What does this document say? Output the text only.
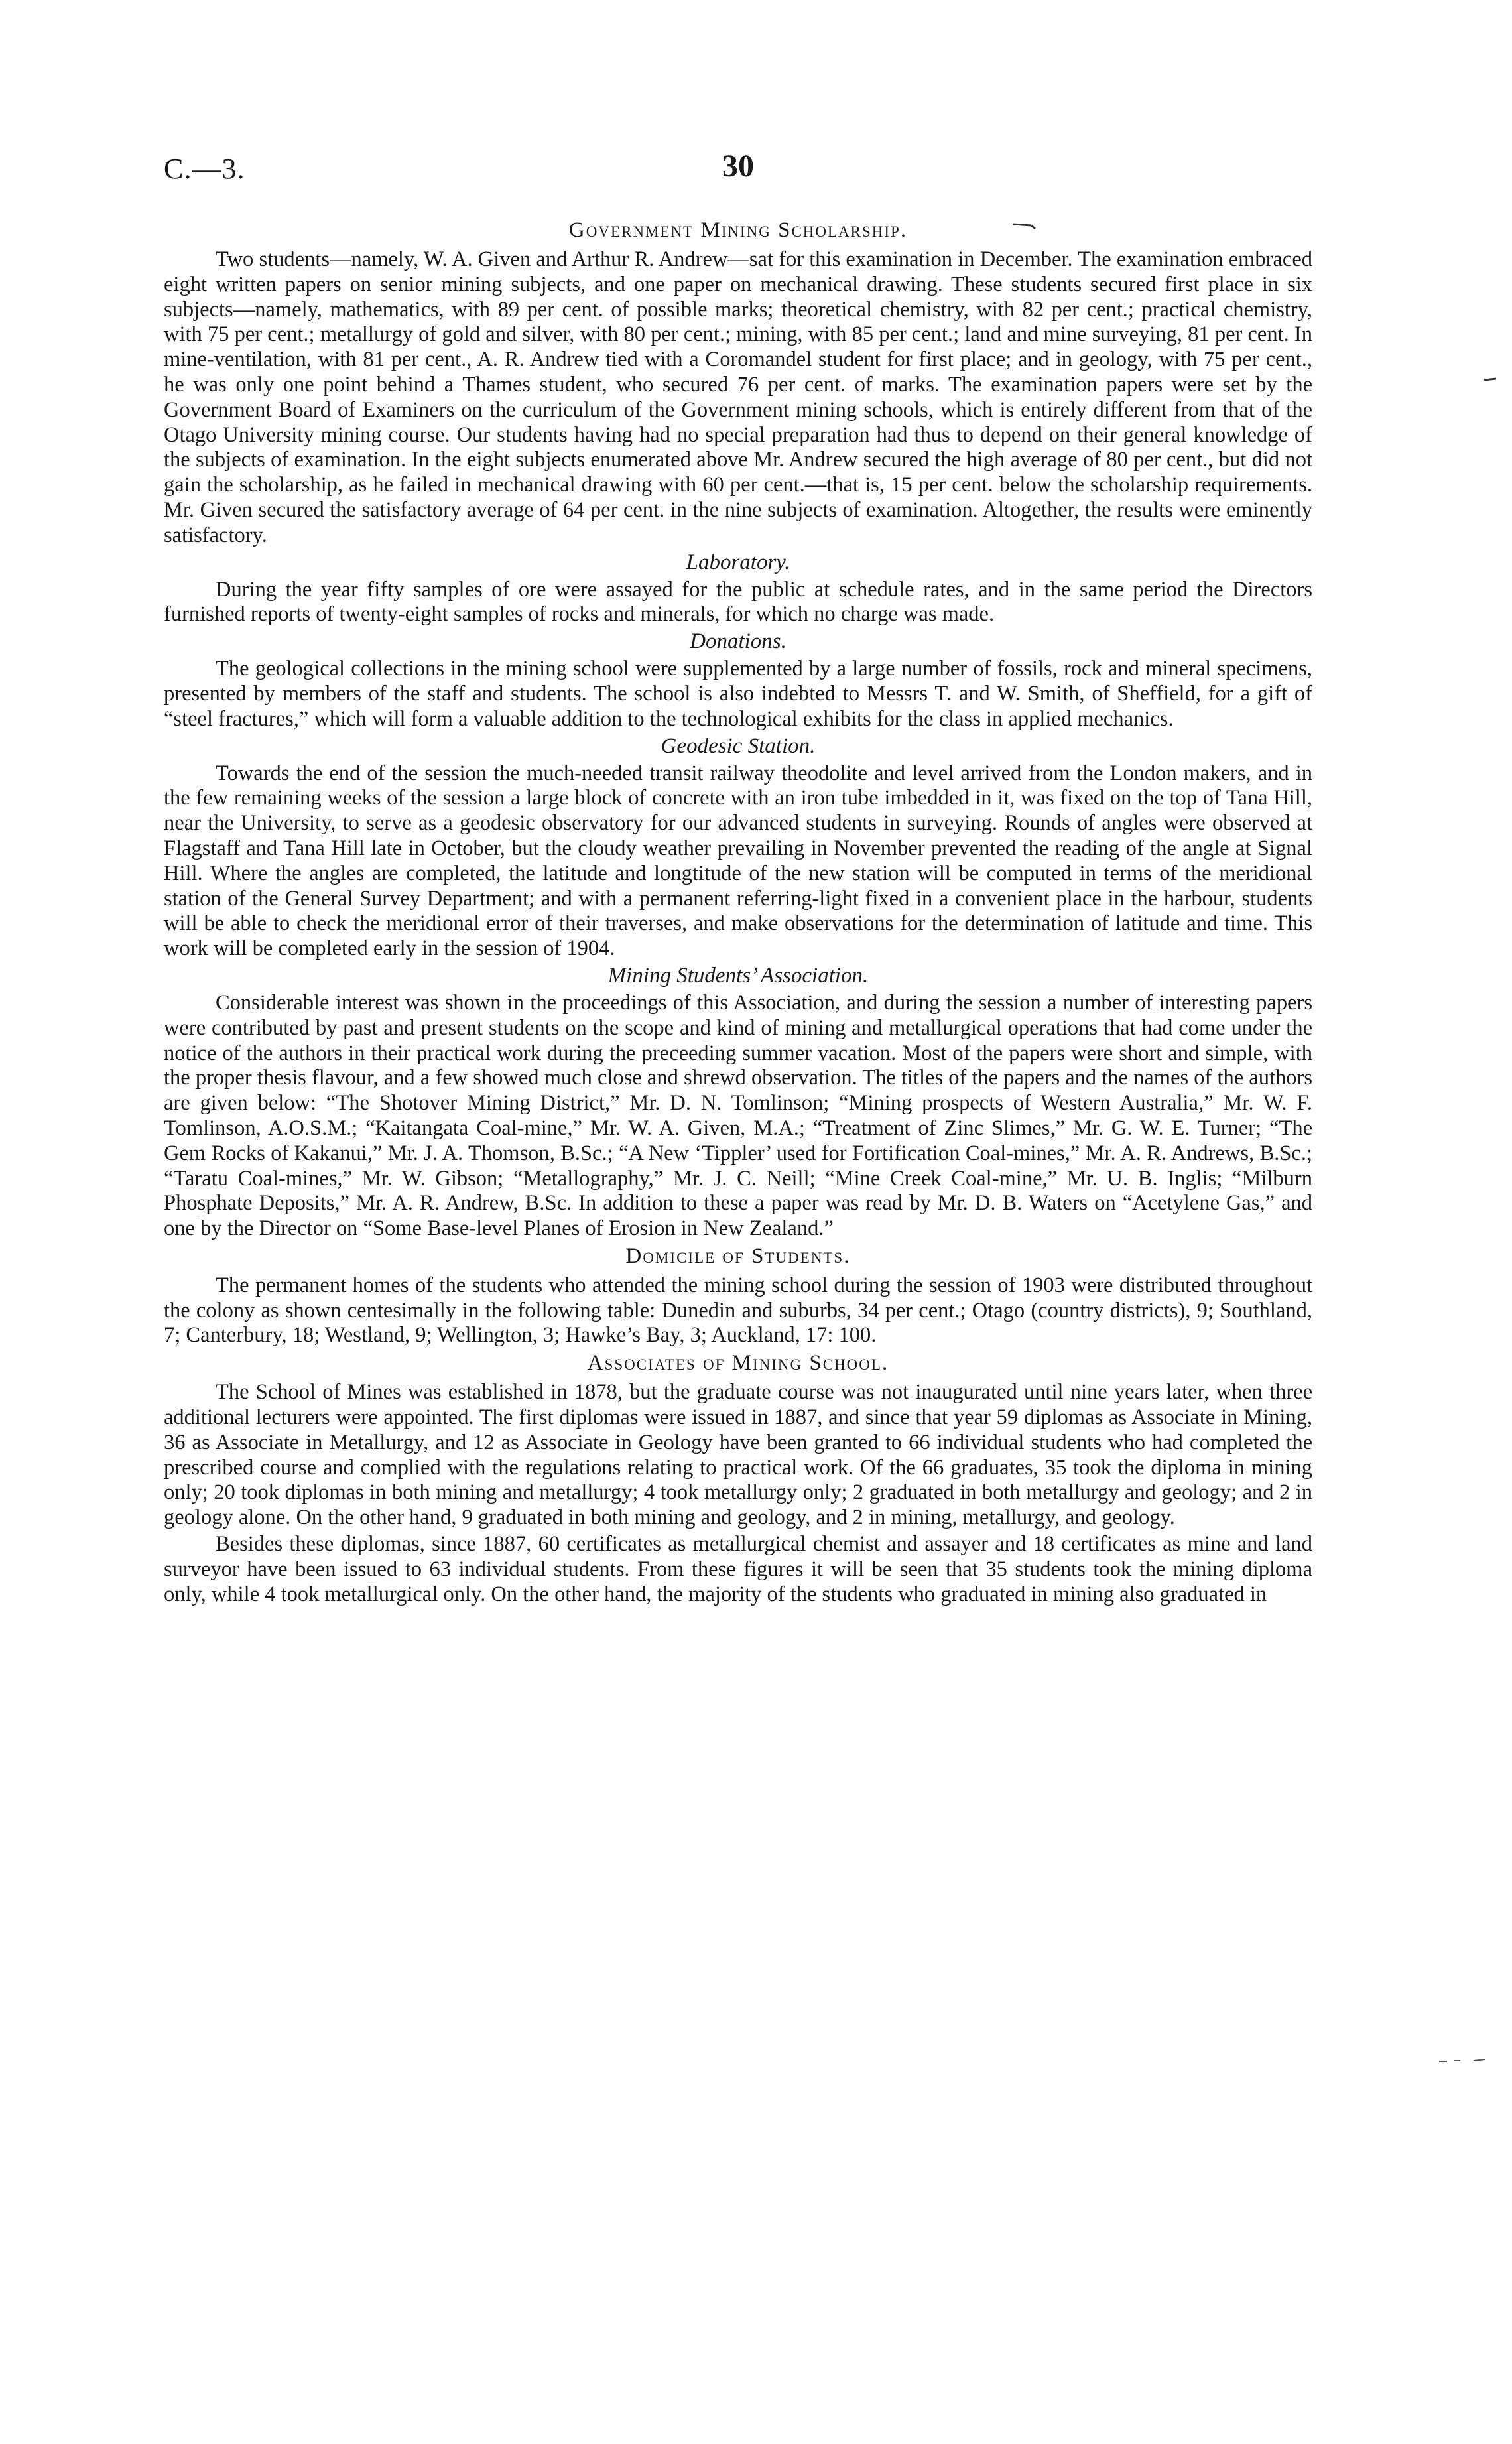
C.—3.	30
Government Mining Scholarship.

Two students—namely, W. A. Given and Arthur R. Andrew—sat for this examination in December. The examination embraced eight written papers on senior mining subjects, and one paper on mechanical drawing. These students secured first place in six subjects—namely, mathematics, with 89 per cent. of possible marks; theoretical chemistry, with 82 per cent.; practical chemistry, with 75 per cent.; metallurgy of gold and silver, with 80 per cent.; mining, with 85 per cent.; land and mine surveying, 81 per cent. In mine-ventilation, with 81 per cent., A. R. Andrew tied with a Coromandel student for first place; and in geology, with 75 per cent., he was only one point behind a Thames student, who secured 76 per cent. of marks. The examination papers were set by the Government Board of Examiners on the curriculum of the Government mining schools, which is entirely different from that of the Otago University mining course. Our students having had no special preparation had thus to depend on their general knowledge of the subjects of examination. In the eight subjects enumerated above Mr. Andrew secured the high average of 80 per cent., but did not gain the scholarship, as he failed in mechanical drawing with 60 per cent.—that is, 15 per cent. below the scholarship requirements. Mr. Given secured the satisfactory average of 64 per cent. in the nine subjects of examination. Altogether, the results were eminently satisfactory.

Laboratory.

During the year fifty samples of ore were assayed for the public at schedule rates, and in the same period the Directors furnished reports of twenty-eight samples of rocks and minerals, for which no charge was made.

Donations.

The geological collections in the mining school were supplemented by a large number of fossils, rock and mineral specimens, presented by members of the staff and students. The school is also indebted to Messrs T. and W. Smith, of Sheffield, for a gift of “steel fractures,” which will form a valuable addition to the technological exhibits for the class in applied mechanics.

Geodesic Station.

Towards the end of the session the much-needed transit railway theodolite and level arrived from the London makers, and in the few remaining weeks of the session a large block of concrete with an iron tube imbedded in it, was fixed on the top of Tana Hill, near the University, to serve as a geodesic observatory for our advanced students in surveying. Rounds of angles were observed at Flagstaff and Tana Hill late in October, but the cloudy weather prevailing in November prevented the reading of the angle at Signal Hill. Where the angles are completed, the latitude and longtitude of the new station will be computed in terms of the meridional station of the General Survey Department; and with a permanent referring-light fixed in a convenient place in the harbour, students will be able to check the meridional error of their traverses, and make observations for the determination of latitude and time. This work will be completed early in the session of 1904.

Mining Students’ Association.

Considerable interest was shown in the proceedings of this Association, and during the session a number of interesting papers were contributed by past and present students on the scope and kind of mining and metallurgical operations that had come under the notice of the authors in their practical work during the preceeding summer vacation. Most of the papers were short and simple, with the proper thesis flavour, and a few showed much close and shrewd observation. The titles of the papers and the names of the authors are given below: “The Shotover Mining District,” Mr. D. N. Tomlinson; “Mining prospects of Western Australia,” Mr. W. F. Tomlinson, A.O.S.M.; “Kaitangata Coal-mine,” Mr. W. A. Given, M.A.; “Treatment of Zinc Slimes,” Mr. G. W. E. Turner; “The Gem Rocks of Kakanui,” Mr. J. A. Thomson, B.Sc.; “A New ‘Tippler’ used for Fortification Coal-mines,” Mr. A. R. Andrews, B.Sc.; “Taratu Coal-mines,” Mr. W. Gibson; “Metallography,” Mr. J. C. Neill; “Mine Creek Coal-mine,” Mr. U. B. Inglis; “Milburn Phosphate Deposits,” Mr. A. R. Andrew, B.Sc. In addition to these a paper was read by Mr. D. B. Waters on “Acetylene Gas,” and one by the Director on “Some Base-level Planes of Erosion in New Zealand.”

Domicile of Students.

The permanent homes of the students who attended the mining school during the session of 1903 were distributed throughout the colony as shown centesimally in the following table: Dunedin and suburbs, 34 per cent.; Otago (country districts), 9; Southland, 7; Canterbury, 18; Westland, 9; Wellington, 3; Hawke’s Bay, 3; Auckland, 17: 100.

Associates of Mining School.

The School of Mines was established in 1878, but the graduate course was not inaugurated until nine years later, when three additional lecturers were appointed. The first diplomas were issued in 1887, and since that year 59 diplomas as Associate in Mining, 36 as Associate in Metallurgy, and 12 as Associate in Geology have been granted to 66 individual students who had completed the prescribed course and complied with the regulations relating to practical work. Of the 66 graduates, 35 took the diploma in mining only; 20 took diplomas in both mining and metallurgy; 4 took metallurgy only; 2 graduated in both metallurgy and geology; and 2 in geology alone. On the other hand, 9 graduated in both mining and geology, and 2 in mining, metallurgy, and geology.

Besides these diplomas, since 1887, 60 certificates as metallurgical chemist and assayer and 18 certificates as mine and land surveyor have been issued to 63 individual students. From these figures it will be seen that 35 students took the mining diploma only, while 4 took metallurgical only. On the other hand, the majority of the students who graduated in mining also graduated in
